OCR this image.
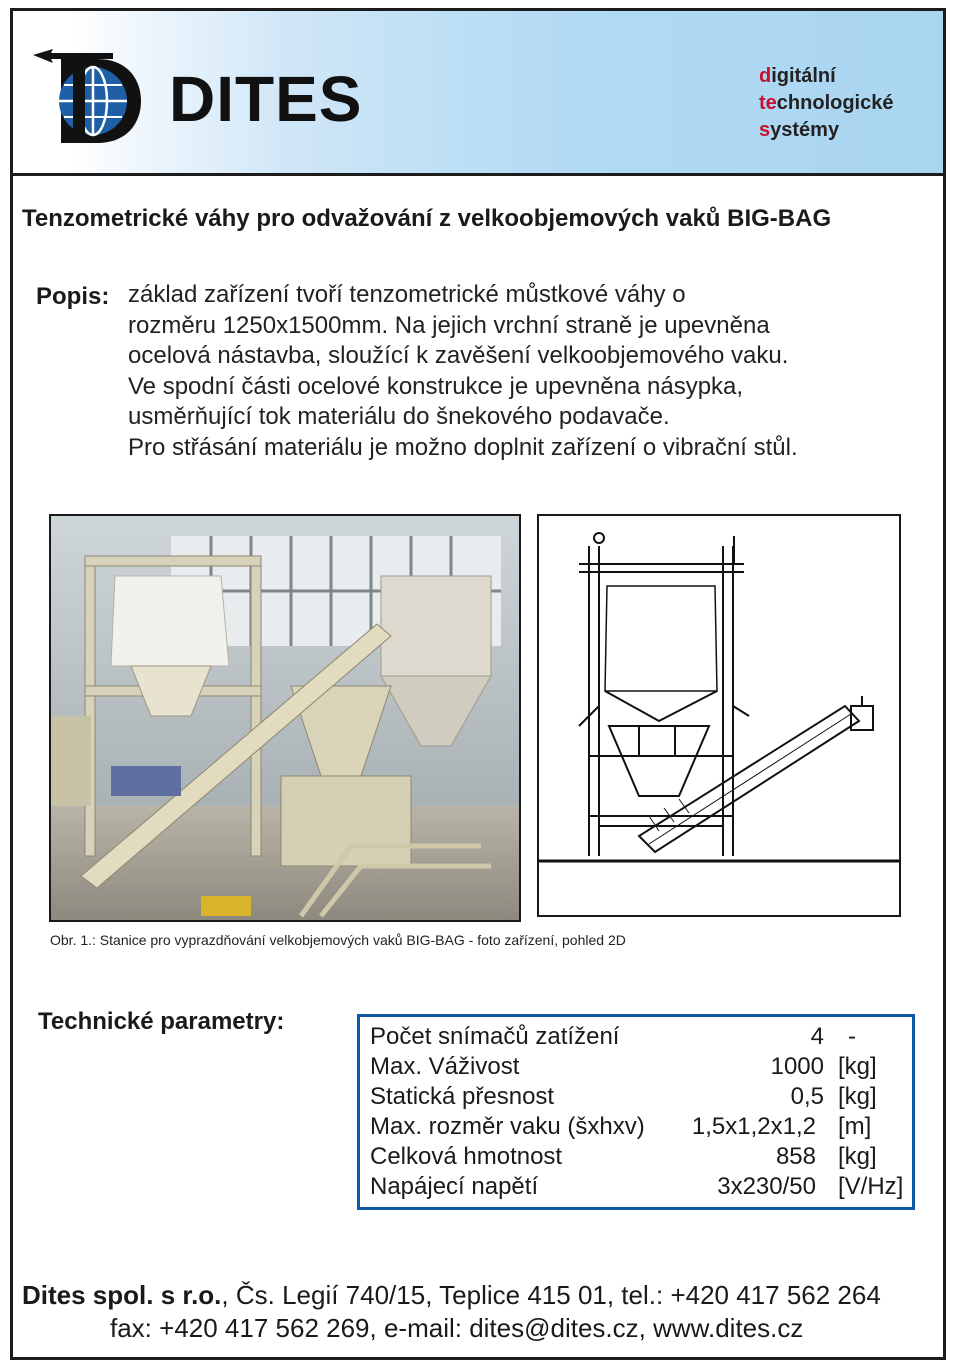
DITES	digitální
technologické
systémy
Tenzometrické váhy pro odvažování z velkoobjemových vaků BIG-BAG
Popis: základ zařízení tvoří tenzometrické můstkové váhy o
rozměru 1250x1500mm. Na jejich vrchní straně je upevněna
ocelová nástavba, sloužící k zavěšení velkoobjemového vaku.
Ve spodní části ocelové konstrukce je upevněna násypka,
usměrňující tok materiálu do šnekového podavače.
Pro střásání materiálu je možno doplnit zařízení o vibrační stůl.
Obr. 1.: Stanice pro vyprazdňování velkobjemových vaků BIG-BAG - foto zařízení, pohled 2D
Technické parametry:
Počet snímačů zatížení	4 -
Max. Váživost	1000 [kg]
Statická přesnost	0,5 [kg]
Max. rozměr vaku (šxhxv)	1,5x1,2x1,2 [m]
Celková hmotnost	858 [kg]
Napájecí napětí	3x230/50 [V/Hz]
Dites spol. s r.o., Čs. Legií 740/15, Teplice 415 01, tel.: +420 417 562 264
fax: +420 417 562 269, e-mail: dites@dites.cz, www.dites.cz
